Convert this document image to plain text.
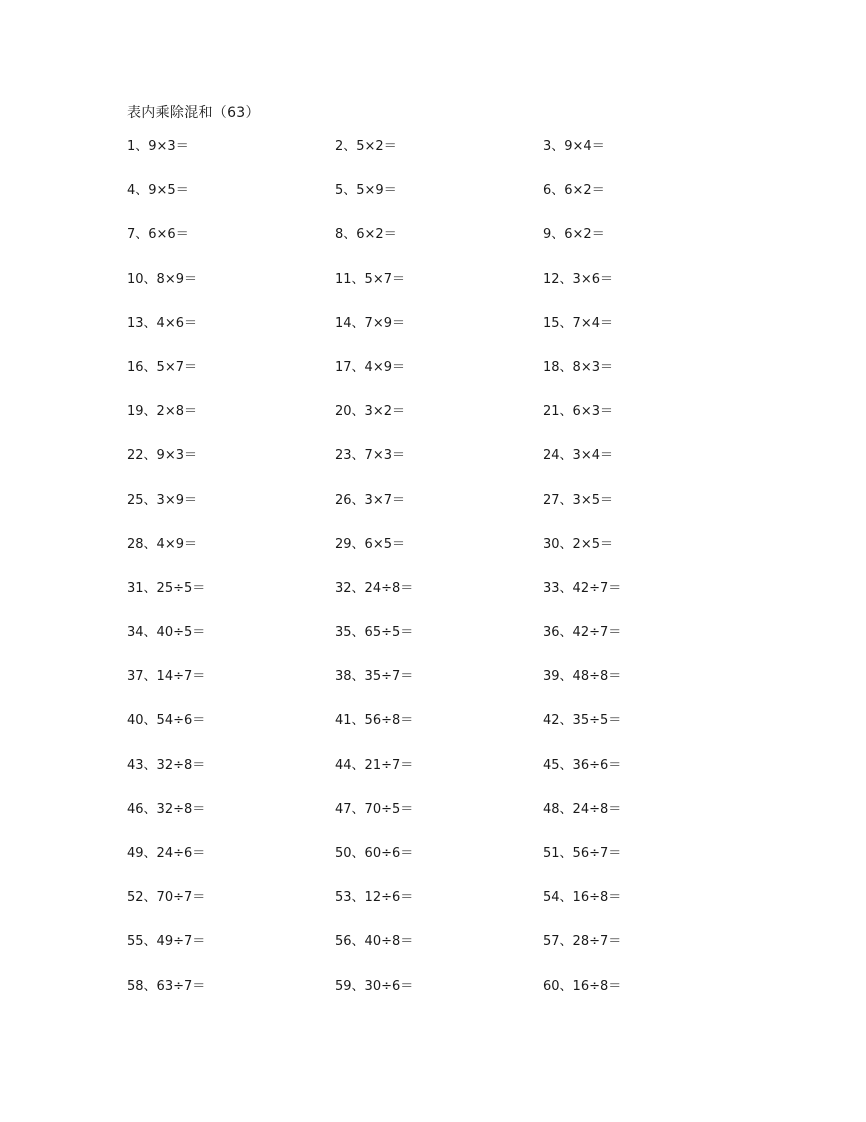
表内乘除混和（63）
1、9×3＝	2、5×2＝	3、9×4＝
4、9×5＝	5、5×9＝	6、6×2＝
7、6×6＝	8、6×2＝	9、6×2＝
10、8×9＝	11、5×7＝	12、3×6＝
13、4×6＝	14、7×9＝	15、7×4＝
16、5×7＝	17、4×9＝	18、8×3＝
19、2×8＝	20、3×2＝	21、6×3＝
22、9×3＝	23、7×3＝	24、3×4＝
25、3×9＝	26、3×7＝	27、3×5＝
28、4×9＝	29、6×5＝	30、2×5＝
31、25÷5＝	32、24÷8＝	33、42÷7＝
34、40÷5＝	35、65÷5＝	36、42÷7＝
37、14÷7＝	38、35÷7＝	39、48÷8＝
40、54÷6＝	41、56÷8＝	42、35÷5＝
43、32÷8＝	44、21÷7＝	45、36÷6＝
46、32÷8＝	47、70÷5＝	48、24÷8＝
49、24÷6＝	50、60÷6＝	51、56÷7＝
52、70÷7＝	53、12÷6＝	54、16÷8＝
55、49÷7＝	56、40÷8＝	57、28÷7＝
58、63÷7＝	59、30÷6＝	60、16÷8＝
